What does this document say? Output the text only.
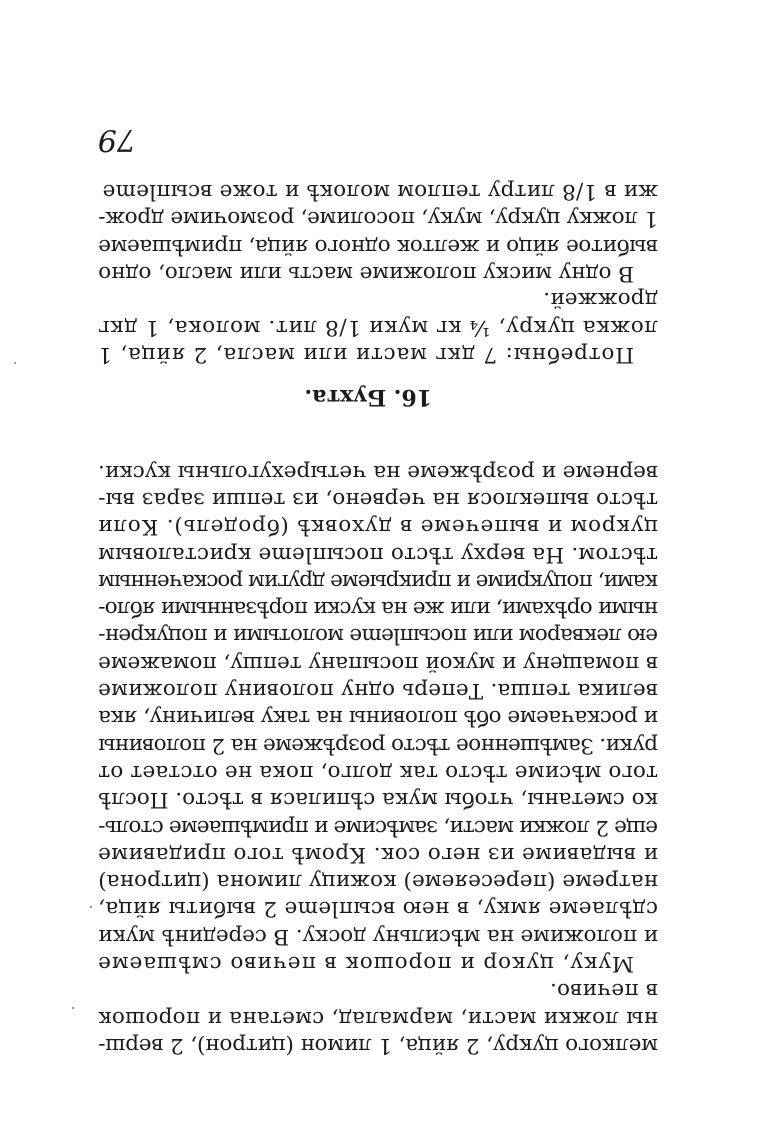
мелкого цукру, 2 яйца, 1 лимон (цитрон), 2 верш-
ны ложки масти, мармалад, сметана и порошок
в печиво.
Муку, цукор и порошок в печиво смѣшаеме
и положиме на мѣсильну доску. В серединѣ муки
сдѣлаеме ямку, в нею всыпleme 2 выбиты яйца,
натреме (пересеяеме) кожицу лимона (цитрона)
и выдавиме из него сок. Кромѣ того придавиме
еще 2 ложки масти, замѣсиме и примѣшаеме столь-
ко сметаны, чтобы мука сѣпилася в тѣсто. Послѣ
того мѣсиме тѣсто так долго, пока не отстает от
руки. Замѣшенное тѣсто розрѣжеме на 2 половины
и роскачаеме обѣ половины на таку величину, яка
велика тепша. Теперь одну половину положиме
в помащену и мукой посыпану тепшу, помажеме
ею лекваром или посыпleme молотыми и поцукрен-
ными орѣхами, или же на куски порѣзанными ябло-
ками, поцукриме и прикрыеме другим роскаченным
тѣстом. На верху тѣсто посыпleme кристаловым
цукром и выпечеме в духовкѣ (бродель). Коли
тѣсто выпеклося на червено, из тепши зараз вы-
вернеме и розрѣжеме на четырехугольны куски.
16. Бухта.
Потребны: 7 дкг масти или масла, 2 яйца, 1
ложка цукру, ¼ кг муки 1/8 лит. молока, 1 дкг
дрожжей.
В одну миску положиме масть или масло, одно
выбитое яйцо и желток одного яйца, примѣшаеме
1 ложку цукру, муку, посолиме, розмочиме дрож-
жи в 1/8 литру теплом молокѣ и тоже всыпleme
79
